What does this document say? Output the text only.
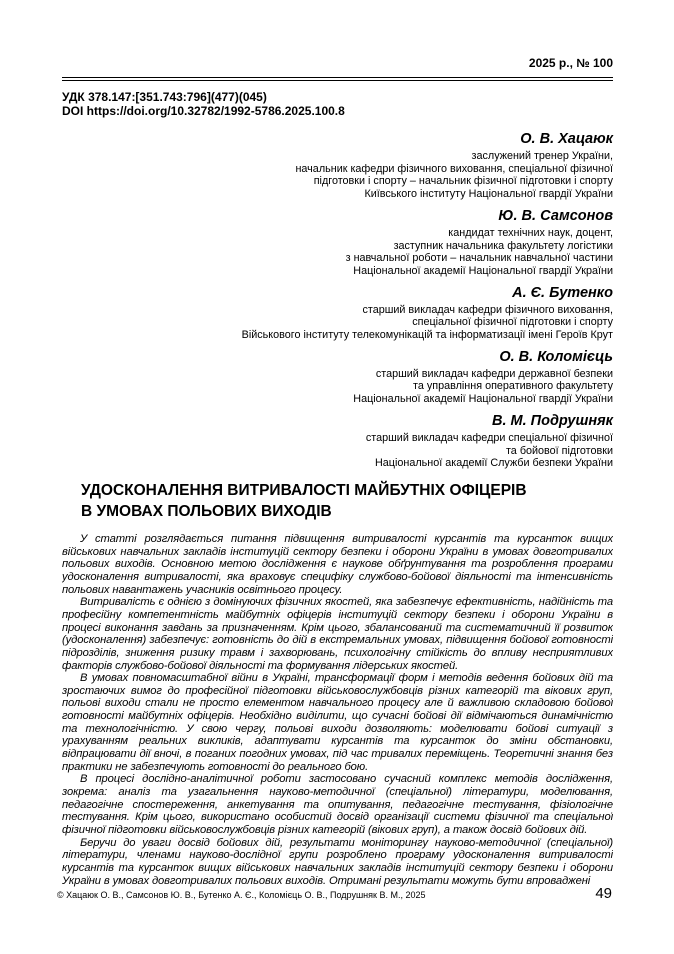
2025 р., № 100
УДК 378.147:[351.743:796](477)(045)
DOI https://doi.org/10.32782/1992-5786.2025.100.8
О. В. Хацаюк
заслужений тренер України,
начальник кафедри фізичного виховання, спеціальної фізичної
підготовки і спорту – начальник фізичної підготовки і спорту
Київського інституту Національної гвардії України
Ю. В. Самсонов
кандидат технічних наук, доцент,
заступник начальника факультету логістики
з навчальної роботи – начальник навчальної частини
Національної академії Національної гвардії України
А. Є. Бутенко
старший викладач кафедри фізичного виховання,
спеціальної фізичної підготовки і спорту
Військового інституту телекомунікацій та інформатизації імені Героїв Крут
О. В. Коломієць
старший викладач кафедри державної безпеки
та управління оперативного факультету
Національної академії Національної гвардії України
В. М. Подрушняк
старший викладач кафедри спеціальної фізичної
та бойової підготовки
Національної академії Служби безпеки України
УДОСКОНАЛЕННЯ ВИТРИВАЛОСТІ МАЙБУТНІХ ОФІЦЕРІВ
В УМОВАХ ПОЛЬОВИХ ВИХОДІВ

У статті розглядається питання підвищення витривалості курсантів та курсанток вищих військових навчальних закладів інституцій сектору безпеки і оборони України в умовах довготривалих польових виходів. Основною метою дослідження є наукове обґрунтування та розроблення програми удосконалення витривалості, яка враховує специфіку службово-бойової діяльності та інтенсивність польових навантажень учасників освітнього процесу.

Витривалість є однією з домінуючих фізичних якостей, яка забезпечує ефективність, надійність та професійну компетентність майбутніх офіцерів інституцій сектору безпеки і оборони України в процесі виконання завдань за призначенням. Крім цього, збалансований та систематичний її розвиток (удосконалення) забезпечує: готовність до дій в екстремальних умовах, підвищення бойової готовності підрозділів, зниження ризику травм і захворювань, психологічну стійкість до впливу несприятливих факторів службово-бойової діяльності та формування лідерських якостей.

В умовах повномасштабної війни в Україні, трансформації форм і методів ведення бойових дій та зростаючих вимог до професійної підготовки військовослужбовців різних категорій та вікових груп, польові виходи стали не просто елементом навчального процесу але й важливою складовою бойової готовності майбутніх офіцерів. Необхідно виділити, що сучасні бойові дії відмічаються динамічністю та технологічністю. У свою чергу, польові виходи дозволяють: моделювати бойові ситуації з урахуванням реальних викликів, адаптувати курсантів та курсанток до зміни обстановки, відпрацювати дії вночі, в поганих погодних умовах, під час тривалих переміщень. Теоретичні знання без практики не забезпечують готовності до реального бою.

В процесі дослідно-аналітичної роботи застосовано сучасний комплекс методів дослідження, зокрема: аналіз та узагальнення науково-методичної (спеціальної) літератури, моделювання, педагогічне спостереження, анкетування та опитування, педагогічне тестування, фізіологічне тестування. Крім цього, використано особистий досвід організації системи фізичної та спеціальної фізичної підготовки військовослужбовців різних категорій (вікових груп), а також досвід бойових дій.

Беручи до уваги досвід бойових дій, результати моніторингу науково-методичної (спеціальної) літератури, членами науково-дослідної групи розроблено програму удосконалення витривалості курсантів та курсанток вищих військових навчальних закладів інституцій сектору безпеки і оборони України в умовах довготривалих польових виходів. Отримані результати можуть бути впроваджені

© Хацаюк О. В., Самсонов Ю. В., Бутенко А. Є., Коломієць О. В., Подрушняк В. М., 2025	49
